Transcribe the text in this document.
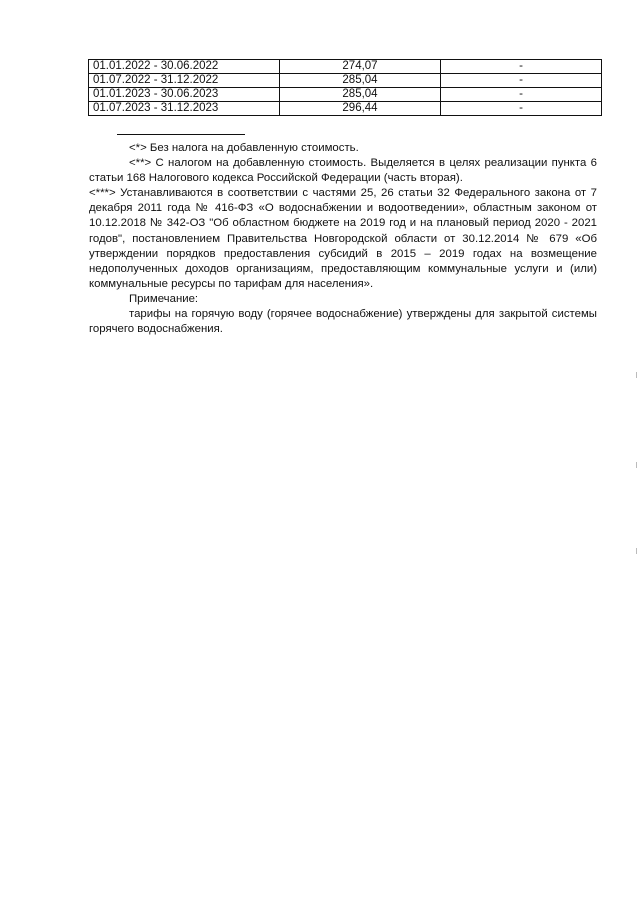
01.01.2022 - 30.06.2022	274,07	-
01.07.2022 - 31.12.2022	285,04	-
01.01.2023 - 30.06.2023	285,04	-
01.07.2023 - 31.12.2023	296,44	-

<*> Без налога на добавленную стоимость.

<**> С налогом на добавленную стоимость. Выделяется в целях реализации пункта 6 статьи 168 Налогового кодекса Российской Федерации (часть вторая).

<***> Устанавливаются в соответствии с частями 25, 26 статьи 32 Федерального закона от 7 декабря 2011 года № 416-ФЗ «О водоснабжении и водоотведении», областным законом от 10.12.2018 № 342-ОЗ "Об областном бюджете на 2019 год и на плановый период 2020 - 2021 годов", постановлением Правительства Новгородской области от 30.12.2014 № 679 «Об утверждении порядков предоставления субсидий в 2015 – 2019 годах на возмещение недополученных доходов организациям, предоставляющим коммунальные услуги и (или) коммунальные ресурсы по тарифам для населения».

Примечание:

тарифы на горячую воду (горячее водоснабжение) утверждены для закрытой системы горячего водоснабжения.
